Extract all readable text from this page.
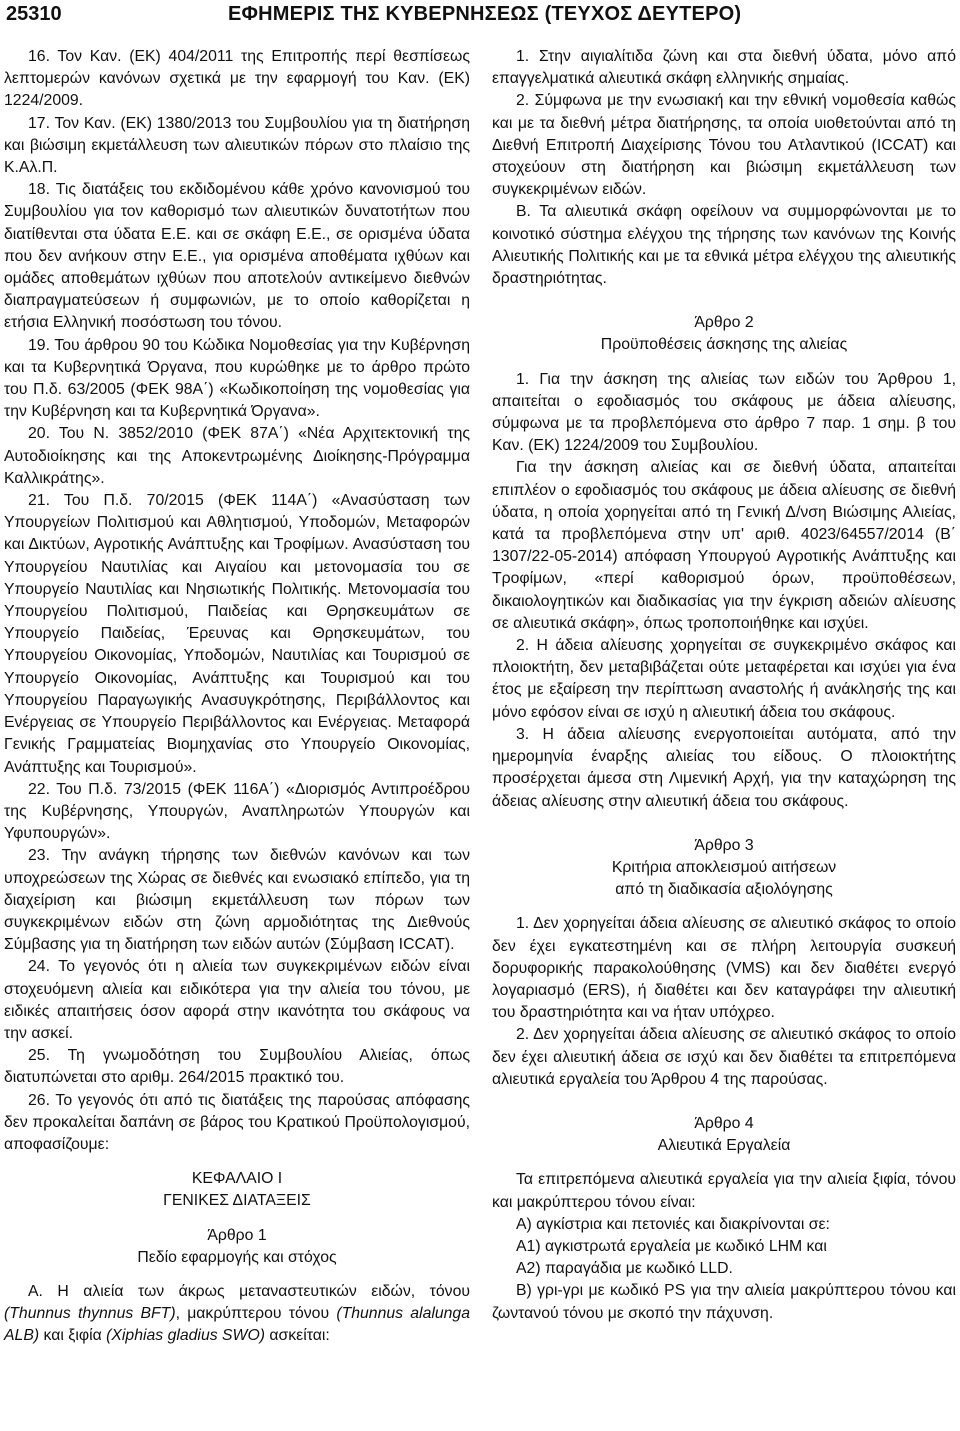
25310	ΕΦΗΜΕΡΙΣ ΤΗΣ ΚΥΒΕΡΝΗΣΕΩΣ (ΤΕΥΧΟΣ ΔΕΥΤΕΡΟ)

16. Τον Καν. (ΕΚ) 404/2011 της Επιτροπής περί θεσπίσεως λεπτομερών κανόνων σχετικά με την εφαρμογή του Καν. (ΕΚ) 1224/2009.

17. Τον Καν. (ΕΚ) 1380/2013 του Συμβουλίου για τη διατήρηση και βιώσιμη εκμετάλλευση των αλιευτικών πόρων στο πλαίσιο της Κ.Αλ.Π.

18. Τις διατάξεις του εκδιδομένου κάθε χρόνο κανονισμού του Συμβουλίου για τον καθορισμό των αλιευτικών δυνατοτήτων που διατίθενται στα ύδατα Ε.Ε. και σε σκάφη Ε.Ε., σε ορισμένα ύδατα που δεν ανήκουν στην Ε.Ε., για ορισμένα αποθέματα ιχθύων και ομάδες αποθεμάτων ιχθύων που αποτελούν αντικείμενο διεθνών διαπραγματεύσεων ή συμφωνιών, με το οποίο καθορίζεται η ετήσια Ελληνική ποσόστωση του τόνου.

19. Του άρθρου 90 του Κώδικα Νομοθεσίας για την Κυβέρνηση και τα Κυβερνητικά Όργανα, που κυρώθηκε με το άρθρο πρώτο του Π.δ. 63/2005 (ΦΕΚ 98Α΄) «Κωδικοποίηση της νομοθεσίας για την Κυβέρνηση και τα Κυβερνητικά Όργανα».

20. Του Ν. 3852/2010 (ΦΕΚ 87Α΄) «Νέα Αρχιτεκτονική της Αυτοδιοίκησης και της Αποκεντρωμένης Διοίκησης-Πρόγραμμα Καλλικράτης».

21. Του Π.δ. 70/2015 (ΦΕΚ 114Α΄) «Ανασύσταση των Υπουργείων Πολιτισμού και Αθλητισμού, Υποδομών, Μεταφορών και Δικτύων, Αγροτικής Ανάπτυξης και Τροφίμων. Ανασύσταση του Υπουργείου Ναυτιλίας και Αιγαίου και μετονομασία του σε Υπουργείο Ναυτιλίας και Νησιωτικής Πολιτικής. Μετονομασία του Υπουργείου Πολιτισμού, Παιδείας και Θρησκευμάτων σε Υπουργείο Παιδείας, Έρευνας και Θρησκευμάτων, του Υπουργείου Οικονομίας, Υποδομών, Ναυτιλίας και Τουρισμού σε Υπουργείο Οικονομίας, Ανάπτυξης και Τουρισμού και του Υπουργείου Παραγωγικής Ανασυγκρότησης, Περιβάλλοντος και Ενέργειας σε Υπουργείο Περιβάλλοντος και Ενέργειας. Μεταφορά Γενικής Γραμματείας Βιομηχανίας στο Υπουργείο Οικονομίας, Ανάπτυξης και Τουρισμού».

22. Του Π.δ. 73/2015 (ΦΕΚ 116Α΄) «Διορισμός Αντιπροέδρου της Κυβέρνησης, Υπουργών, Αναπληρωτών Υπουργών και Υφυπουργών».

23. Την ανάγκη τήρησης των διεθνών κανόνων και των υποχρεώσεων της Χώρας σε διεθνές και ενωσιακό επίπεδο, για τη διαχείριση και βιώσιμη εκμετάλλευση των πόρων των συγκεκριμένων ειδών στη ζώνη αρμοδιότητας της Διεθνούς Σύμβασης για τη διατήρηση των ειδών αυτών (Σύμβαση ICCAT).

24. Το γεγονός ότι η αλιεία των συγκεκριμένων ειδών είναι στοχευόμενη αλιεία και ειδικότερα για την αλιεία του τόνου, με ειδικές απαιτήσεις όσον αφορά στην ικανότητα του σκάφους να την ασκεί.

25. Τη γνωμοδότηση του Συμβουλίου Αλιείας, όπως διατυπώνεται στο αριθμ. 264/2015 πρακτικό του.

26. Το γεγονός ότι από τις διατάξεις της παρούσας απόφασης δεν προκαλείται δαπάνη σε βάρος του Κρατικού Προϋπολογισμού, αποφασίζουμε:

ΚΕΦΑΛΑΙΟ Ι

ΓΕΝΙΚΕΣ ΔΙΑΤΑΞΕΙΣ

Άρθρο 1

Πεδίο εφαρμογής και στόχος

Α. Η αλιεία των άκρως μεταναστευτικών ειδών, τόνου (Thunnus thynnus BFT), μακρύπτερου τόνου (Thunnus alalunga ALB) και ξιφία (Xiphias gladius SWO) ασκείται:

1. Στην αιγιαλίτιδα ζώνη και στα διεθνή ύδατα, μόνο από επαγγελματικά αλιευτικά σκάφη ελληνικής σημαίας.

2. Σύμφωνα με την ενωσιακή και την εθνική νομοθεσία καθώς και με τα διεθνή μέτρα διατήρησης, τα οποία υιοθετούνται από τη Διεθνή Επιτροπή Διαχείρισης Τόνου του Ατλαντικού (ICCAT) και στοχεύουν στη διατήρηση και βιώσιμη εκμετάλλευση των συγκεκριμένων ειδών.

Β. Τα αλιευτικά σκάφη οφείλουν να συμμορφώνονται με το κοινοτικό σύστημα ελέγχου της τήρησης των κανόνων της Κοινής Αλιευτικής Πολιτικής και με τα εθνικά μέτρα ελέγχου της αλιευτικής δραστηριότητας.

Άρθρο 2

Προϋποθέσεις άσκησης της αλιείας

1. Για την άσκηση της αλιείας των ειδών του Άρθρου 1, απαιτείται ο εφοδιασμός του σκάφους με άδεια αλίευσης, σύμφωνα με τα προβλεπόμενα στο άρθρο 7 παρ. 1 σημ. β του Καν. (ΕΚ) 1224/2009 του Συμβουλίου.

Για την άσκηση αλιείας και σε διεθνή ύδατα, απαιτείται επιπλέον ο εφοδιασμός του σκάφους με άδεια αλίευσης σε διεθνή ύδατα, η οποία χορηγείται από τη Γενική Δ/νση Βιώσιμης Αλιείας, κατά τα προβλεπόμενα στην υπ' αριθ. 4023/64557/2014 (Β΄ 1307/22-05-2014) απόφαση Υπουργού Αγροτικής Ανάπτυξης και Τροφίμων, «περί καθορισμού όρων, προϋποθέσεων, δικαιολογητικών και διαδικασίας για την έγκριση αδειών αλίευσης σε αλιευτικά σκάφη», όπως τροποποιήθηκε και ισχύει.

2. Η άδεια αλίευσης χορηγείται σε συγκεκριμένο σκάφος και πλοιοκτήτη, δεν μεταβιβάζεται ούτε μεταφέρεται και ισχύει για ένα έτος με εξαίρεση την περίπτωση αναστολής ή ανάκλησής της και μόνο εφόσον είναι σε ισχύ η αλιευτική άδεια του σκάφους.

3. Η άδεια αλίευσης ενεργοποιείται αυτόματα, από την ημερομηνία έναρξης αλιείας του είδους. Ο πλοιοκτήτης προσέρχεται άμεσα στη Λιμενική Αρχή, για την καταχώρηση της άδειας αλίευσης στην αλιευτική άδεια του σκάφους.

Άρθρο 3

Κριτήρια αποκλεισμού αιτήσεων

από τη διαδικασία αξιολόγησης

1. Δεν χορηγείται άδεια αλίευσης σε αλιευτικό σκάφος το οποίο δεν έχει εγκατεστημένη και σε πλήρη λειτουργία συσκευή δορυφορικής παρακολούθησης (VMS) και δεν διαθέτει ενεργό λογαριασμό (ERS), ή διαθέτει και δεν καταγράφει την αλιευτική του δραστηριότητα και να ήταν υπόχρεο.

2. Δεν χορηγείται άδεια αλίευσης σε αλιευτικό σκάφος το οποίο δεν έχει αλιευτική άδεια σε ισχύ και δεν διαθέτει τα επιτρεπόμενα αλιευτικά εργαλεία του Άρθρου 4 της παρούσας.

Άρθρο 4

Αλιευτικά Εργαλεία

Τα επιτρεπόμενα αλιευτικά εργαλεία για την αλιεία ξιφία, τόνου και μακρύπτερου τόνου είναι:

Α) αγκίστρια και πετονιές και διακρίνονται σε:

Α1) αγκιστρωτά εργαλεία με κωδικό LHM και

Α2) παραγάδια με κωδικό LLD.

Β) γρι-γρι με κωδικό PS για την αλιεία μακρύπτερου τόνου και ζωντανού τόνου με σκοπό την πάχυνση.
